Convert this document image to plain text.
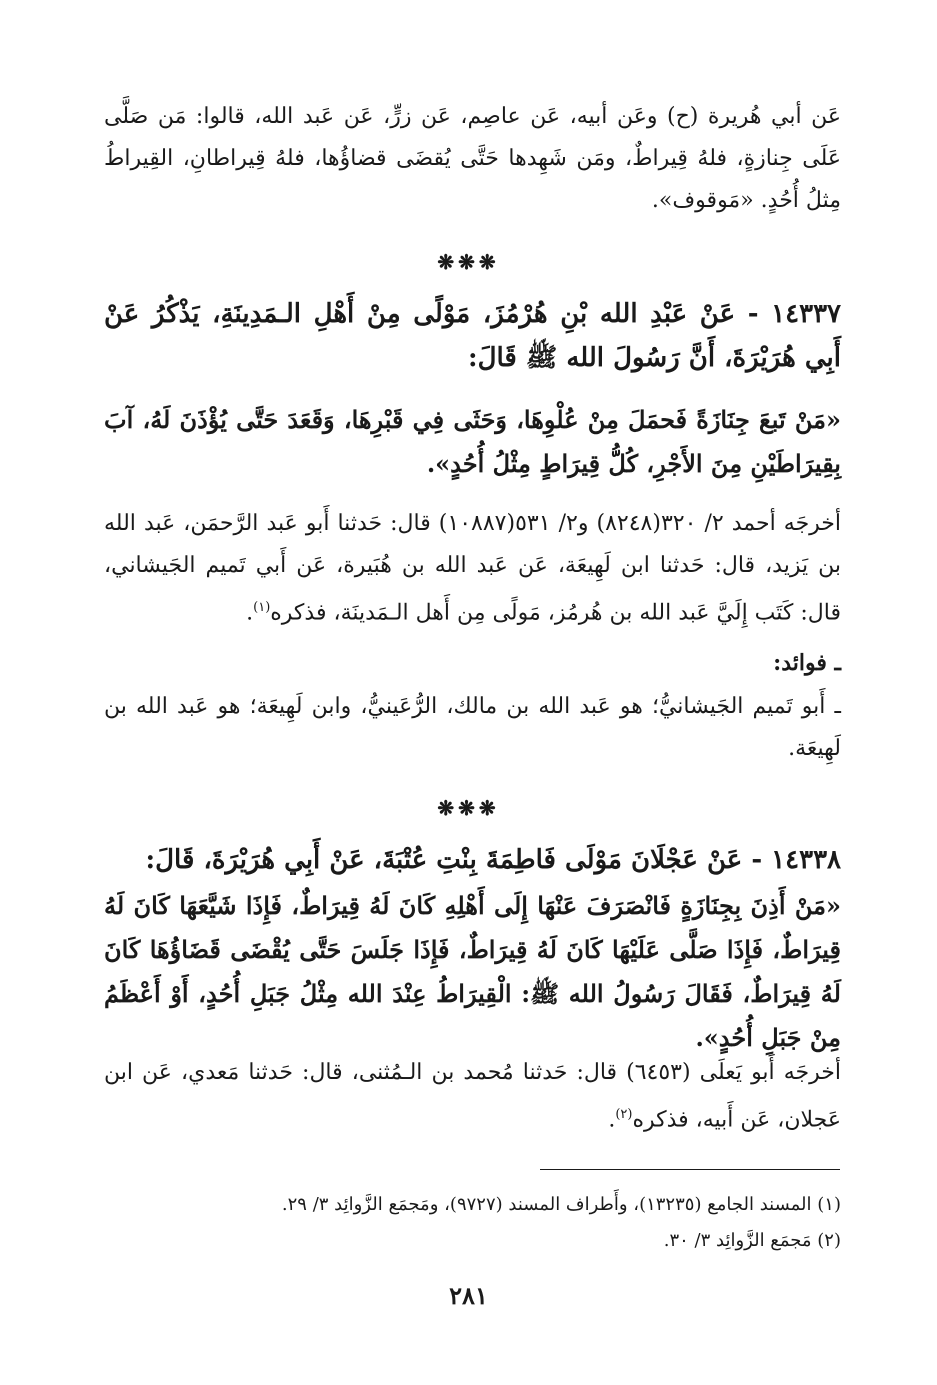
عَن أبي هُريرة (ح) وعَن أبيه، عَن عاصِم، عَن زرٍّ، عَن عَبد الله، قالوا: مَن صَلَّى عَلَى جِنازةٍ، فلهُ قِيراطٌ، ومَن شَهِدها حَتَّى يُقضَى قضاؤُها، فلهُ قِيراطانِ، القِيراطُ مِثلُ أُحُدٍ. «مَوقوف».

❋❋❋

١٤٣٣٧ - عَنْ عَبْدِ الله بْنِ هُرْمُزَ، مَوْلًى مِنْ أَهْلِ الـمَدِينَةِ، يَذْكُرُ عَنْ أَبِي هُرَيْرَةَ، أَنَّ رَسُولَ الله ﷺ قَالَ:

«مَنْ تَبعَ جِنَازَةً فَحمَلَ مِنْ عُلْوِهَا، وَحَثَى فِي قَبْرِهَا، وَقَعَدَ حَتَّى يُؤْذَنَ لَهُ، آبَ بِقِيرَاطَيْنِ مِنَ الأَجْرِ، كُلُّ قِيرَاطٍ مِثْلُ أُحُدٍ».

أخرجَه أحمد ٢/ ٣٢٠(٨٢٤٨) و٢/ ٥٣١(١٠٨٨٧) قال: حَدثنا أَبو عَبد الرَّحمَن، عَبد الله بن يَزيد، قال: حَدثنا ابن لَهِيعَة، عَن عَبد الله بن هُبَيرة، عَن أَبي تَميم الجَيشاني، قال: كَتَب إِلَيَّ عَبد الله بن هُرمُز، مَولًى مِن أَهل الـمَدينَة، فذكره$^{(١)}$.

ـ فوائد:

ـ أَبو تَميم الجَيشانيُّ؛ هو عَبد الله بن مالك، الرُّعَينيُّ، وابن لَهِيعَة؛ هو عَبد الله بن لَهِيعَة.

❋❋❋

١٤٣٣٨ - عَنْ عَجْلَانَ مَوْلَى فَاطِمَةَ بِنْتِ عُتْبَةَ، عَنْ أَبِي هُرَيْرَةَ، قَالَ:

«مَنْ أَذِنَ بِجِنَازَةٍ فَانْصَرَفَ عَنْهَا إِلَى أَهْلِهِ كَانَ لَهُ قِيرَاطٌ، فَإِذَا شَيَّعَهَا كَانَ لَهُ قِيرَاطٌ، فَإِذَا صَلَّى عَلَيْهَا كَانَ لَهُ قِيرَاطٌ، فَإِذَا جَلَسَ حَتَّى يُقْضَى قَضَاؤُهَا كَانَ لَهُ قِيرَاطٌ، فَقَالَ رَسُولُ الله ﷺ: الْقِيرَاطُ عِنْدَ الله مِثْلُ جَبَلِ أُحُدٍ، أَوْ أَعْظَمُ مِنْ جَبَلِ أُحُدٍ».

أخرجَه أَبو يَعلَى (٦٤٥٣) قال: حَدثنا مُحمد بن الـمُثنى، قال: حَدثنا مَعدي، عَن ابن عَجلان، عَن أَبيه، فذكره$^{(٢)}$.

(١) المسند الجامع (١٣٢٣٥)، وأَطراف المسند (٩٧٢٧)، ومَجمَع الزَّوائِد ٣/ ٢٩.
(٢) مَجمَع الزَّوائِد ٣/ ٣٠.
٢٨١
